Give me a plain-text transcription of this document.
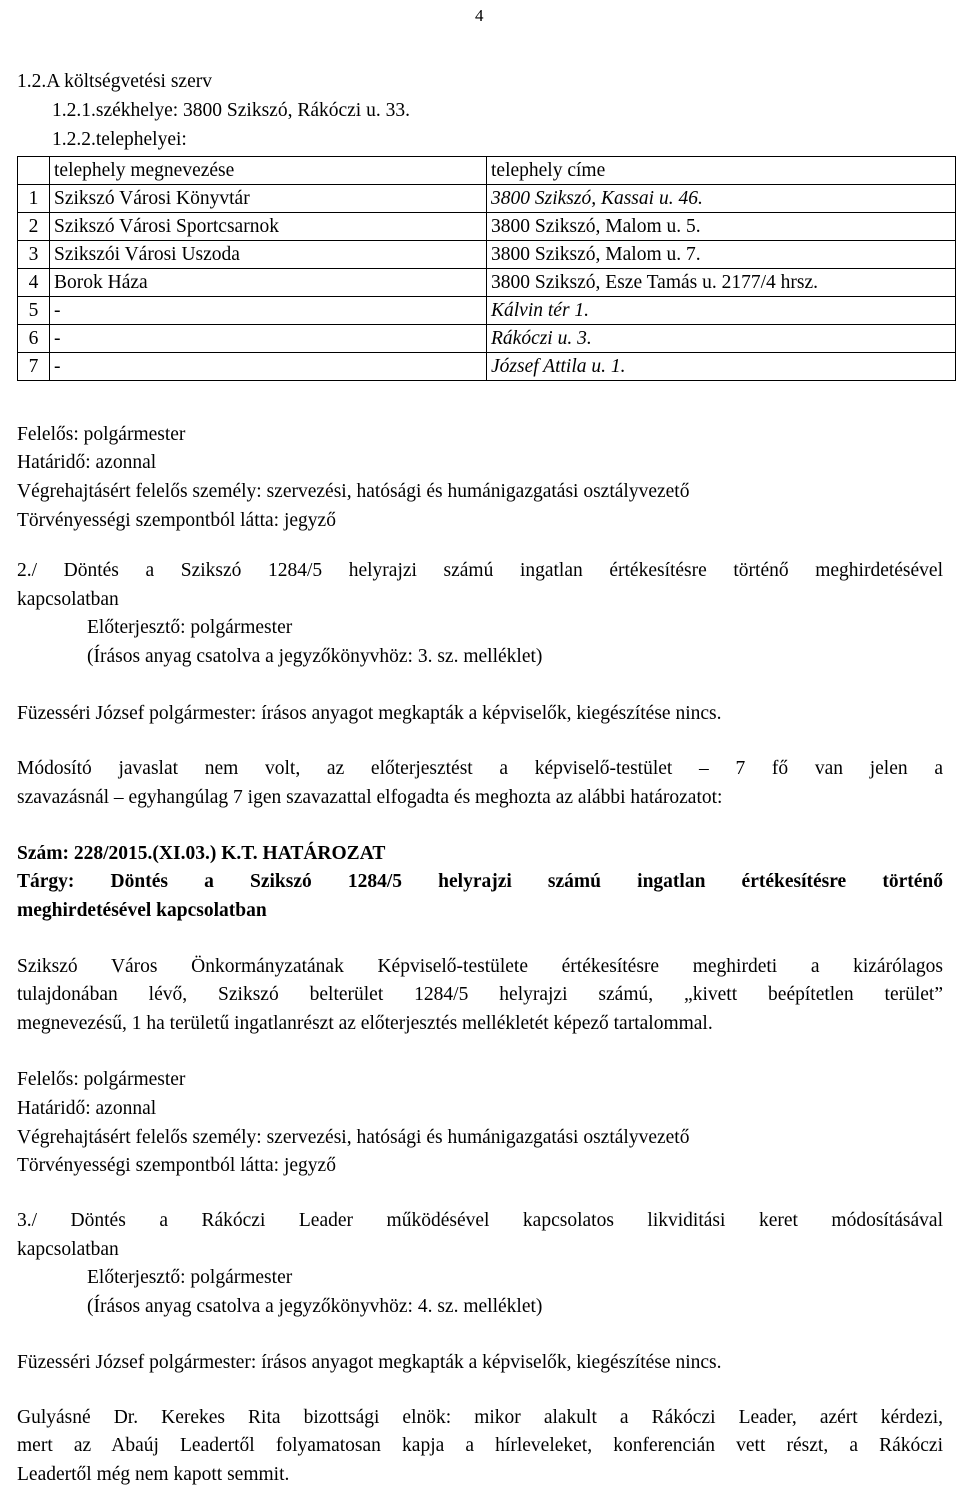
4
1.2.A költségvetési szerv
1.2.1.székhelye: 3800 Szikszó, Rákóczi u. 33.
1.2.2.telephelyei:
	telephely megnevezése	telephely címe
1	Szikszó Városi Könyvtár	3800 Szikszó, Kassai u. 46.
2	Szikszó Városi Sportcsarnok	3800 Szikszó, Malom u. 5.
3	Szikszói Városi Uszoda	3800 Szikszó, Malom u. 7.
4	Borok Háza	3800 Szikszó, Esze Tamás u. 2177/4 hrsz.
5	-	Kálvin tér 1.
6	-	Rákóczi u. 3.
7	-	József Attila u. 1.
Felelős: polgármester
Határidő: azonnal
Végrehajtásért felelős személy: szervezési, hatósági és humánigazgatási osztályvezető
Törvényességi szempontból látta: jegyző
2./ Döntés a Szikszó 1284/5 helyrajzi számú ingatlan értékesítésre történő meghirdetésével
kapcsolatban
Előterjesztő: polgármester
(Írásos anyag csatolva a jegyzőkönyvhöz: 3. sz. melléklet)
Füzesséri József polgármester: írásos anyagot megkapták a képviselők, kiegészítése nincs.
Módosító javaslat nem volt, az előterjesztést a képviselő-testület – 7 fő van jelen a
szavazásnál – egyhangúlag 7 igen szavazattal elfogadta és meghozta az alábbi határozatot:
Szám: 228/2015.(XI.03.) K.T. HATÁROZAT
Tárgy: Döntés a Szikszó 1284/5 helyrajzi számú ingatlan értékesítésre történő
meghirdetésével kapcsolatban
Szikszó Város Önkormányzatának Képviselő-testülete értékesítésre meghirdeti a kizárólagos
tulajdonában lévő, Szikszó belterület 1284/5 helyrajzi számú, „kivett beépítetlen terület”
megnevezésű, 1 ha területű ingatlanrészt az előterjesztés mellékletét képező tartalommal.
Felelős: polgármester
Határidő: azonnal
Végrehajtásért felelős személy: szervezési, hatósági és humánigazgatási osztályvezető
Törvényességi szempontból látta: jegyző
3./ Döntés a Rákóczi Leader működésével kapcsolatos likviditási keret módosításával
kapcsolatban
Előterjesztő: polgármester
(Írásos anyag csatolva a jegyzőkönyvhöz: 4. sz. melléklet)
Füzesséri József polgármester: írásos anyagot megkapták a képviselők, kiegészítése nincs.
Gulyásné Dr. Kerekes Rita bizottsági elnök: mikor alakult a Rákóczi Leader, azért kérdezi,
mert az Abaúj Leadertől folyamatosan kapja a hírleveleket, konferencián vett részt, a Rákóczi
Leadertől még nem kapott semmit.
